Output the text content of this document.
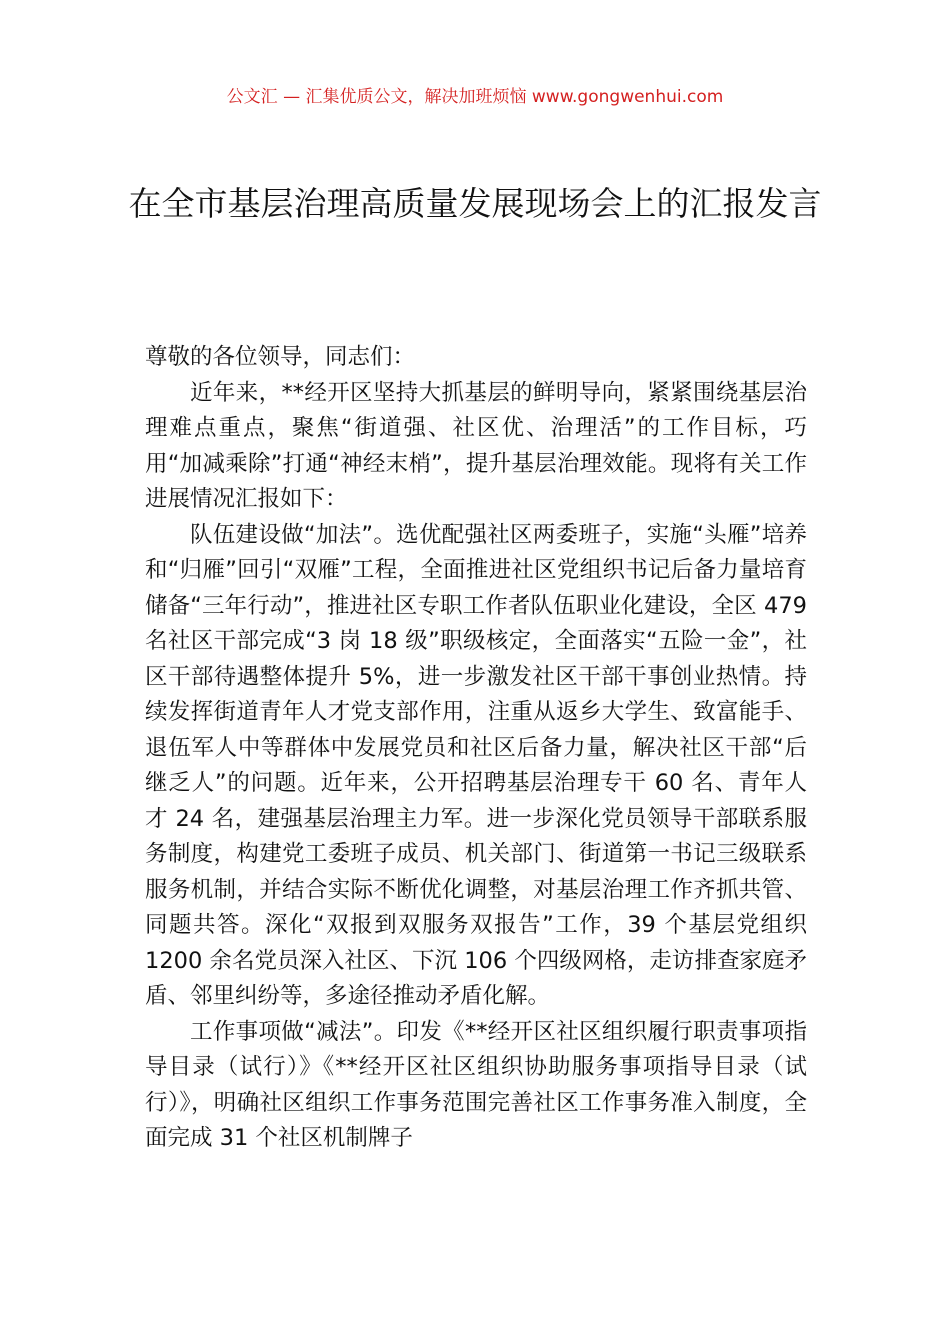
公文汇 — 汇集优质公文，解决加班烦恼 www.gongwenhui.com
在全市基层治理高质量发展现场会上的汇报发言

尊敬的各位领导，同志们：

近年来，**经开区坚持大抓基层的鲜明导向，紧紧围绕基层治理难点重点，聚焦“街道强、社区优、治理活”的工作目标，巧用“加减乘除”打通“神经末梢”，提升基层治理效能。现将有关工作进展情况汇报如下：

队伍建设做“加法”。选优配强社区两委班子，实施“头雁”培养和“归雁”回引“双雁”工程，全面推进社区党组织书记后备力量培育储备“三年行动”，推进社区专职工作者队伍职业化建设，全区 479 名社区干部完成“3 岗 18 级”职级核定，全面落实“五险一金”，社区干部待遇整体提升 5%，进一步激发社区干部干事创业热情。持续发挥街道青年人才党支部作用，注重从返乡大学生、致富能手、退伍军人中等群体中发展党员和社区后备力量，解决社区干部“后继乏人”的问题。近年来，公开招聘基层治理专干 60 名、青年人才 24 名，建强基层治理主力军。进一步深化党员领导干部联系服务制度，构建党工委班子成员、机关部门、街道第一书记三级联系服务机制，并结合实际不断优化调整，对基层治理工作齐抓共管、同题共答。深化“双报到双服务双报告”工作，39 个基层党组织 1200 余名党员深入社区、下沉 106 个四级网格，走访排查家庭矛盾、邻里纠纷等，多途径推动矛盾化解。

工作事项做“减法”。印发《**经开区社区组织履行职责事项指导目录（试行）》《**经开区社区组织协助服务事项指导目录（试行）》，明确社区组织工作事务范围完善社区工作事务准入制度，全面完成 31 个社区机制牌子
